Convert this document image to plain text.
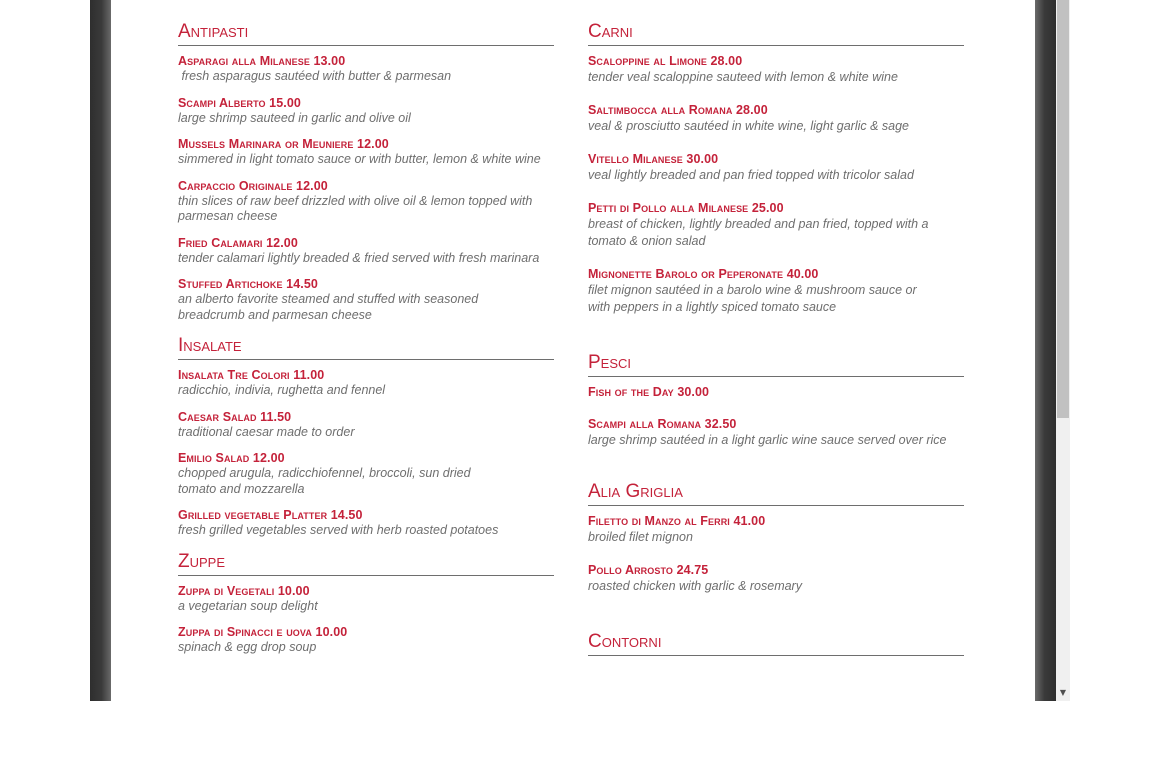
Antipasti
Asparagi alla Milanese 13.00
fresh asparagus sautéed with butter & parmesan
Scampi Alberto 15.00
large shrimp sauteed in garlic and olive oil
Mussels Marinara or Meuniere 12.00
simmered in light tomato sauce or with butter, lemon & white wine
Carpaccio Originale 12.00
thin slices of raw beef drizzled with olive oil & lemon topped with parmesan cheese
Fried Calamari 12.00
tender calamari lightly breaded & fried served with fresh marinara
Stuffed Artichoke 14.50
an alberto favorite steamed and stuffed with seasoned breadcrumb and parmesan cheese
Insalate
Insalata Tre Colori 11.00
radicchio, indivia, rughetta and fennel
Caesar Salad 11.50
traditional caesar made to order
Emilio Salad 12.00
chopped arugula, radicchiofennel, broccoli, sun dried tomato and mozzarella
Grilled vegetable Platter 14.50
fresh grilled vegetables served with herb roasted potatoes
Zuppe
Zuppa di Vegetali 10.00
a vegetarian soup delight
Zuppa di Spinacci e uova 10.00
spinach & egg drop soup
Carni
Scaloppine al Limone 28.00
tender veal scaloppine sauteed with lemon & white wine
Saltimbocca alla Romana 28.00
veal & prosciutto sautéed in white wine, light garlic & sage
Vitello Milanese 30.00
veal lightly breaded and pan fried topped with tricolor salad
Petti di Pollo alla Milanese 25.00
breast of chicken, lightly breaded and pan fried, topped with a tomato & onion salad
Mignonette Barolo or Peperonate 40.00
filet mignon sautéed in a barolo wine & mushroom sauce or with peppers in a lightly spiced tomato sauce
Pesci
Fish of the Day 30.00
Scampi alla Romana 32.50
large shrimp sautéed in a light garlic wine sauce served over rice
Alia Griglia
Filetto di Manzo al Ferri 41.00
broiled filet mignon
Pollo Arrosto 24.75
roasted chicken with garlic & rosemary
Contorni
▼
